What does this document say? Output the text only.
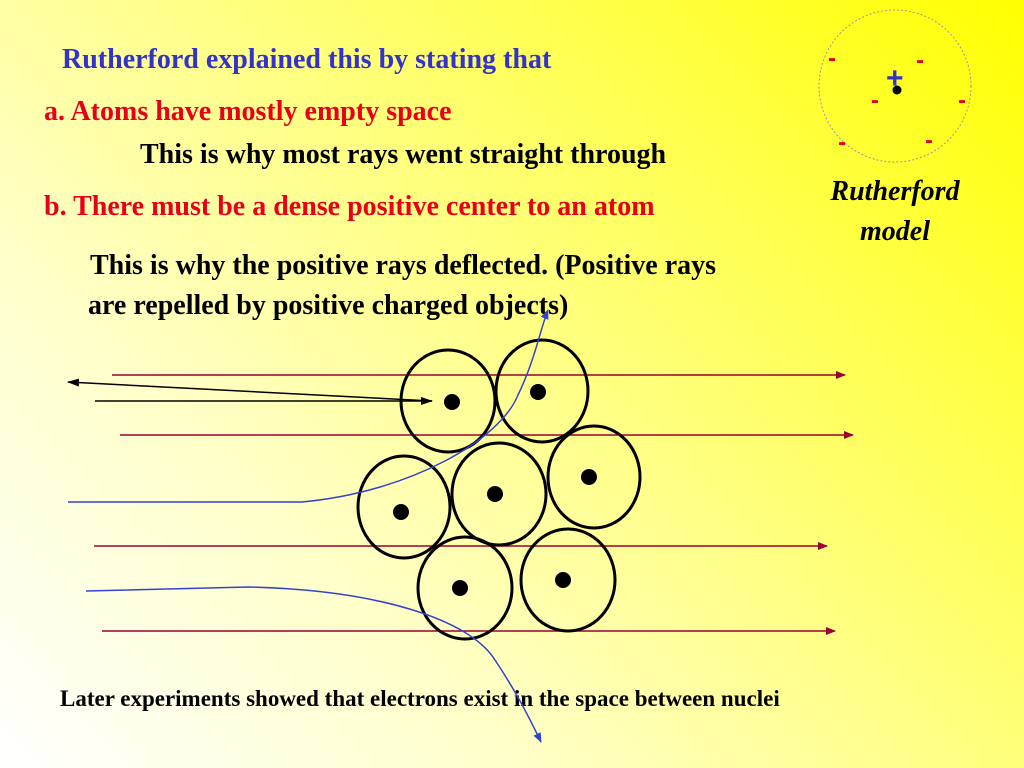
Rutherford explained this by stating that

a. Atoms have mostly empty space

This is why most rays went straight through

b. There must be a dense positive center to an atom

This is why the positive rays deflected. (Positive rays

are repelled by positive charged objects)

Later experiments showed that electrons exist in the space between nuclei

Rutherford
model
+
-	-
-	-
-	-
